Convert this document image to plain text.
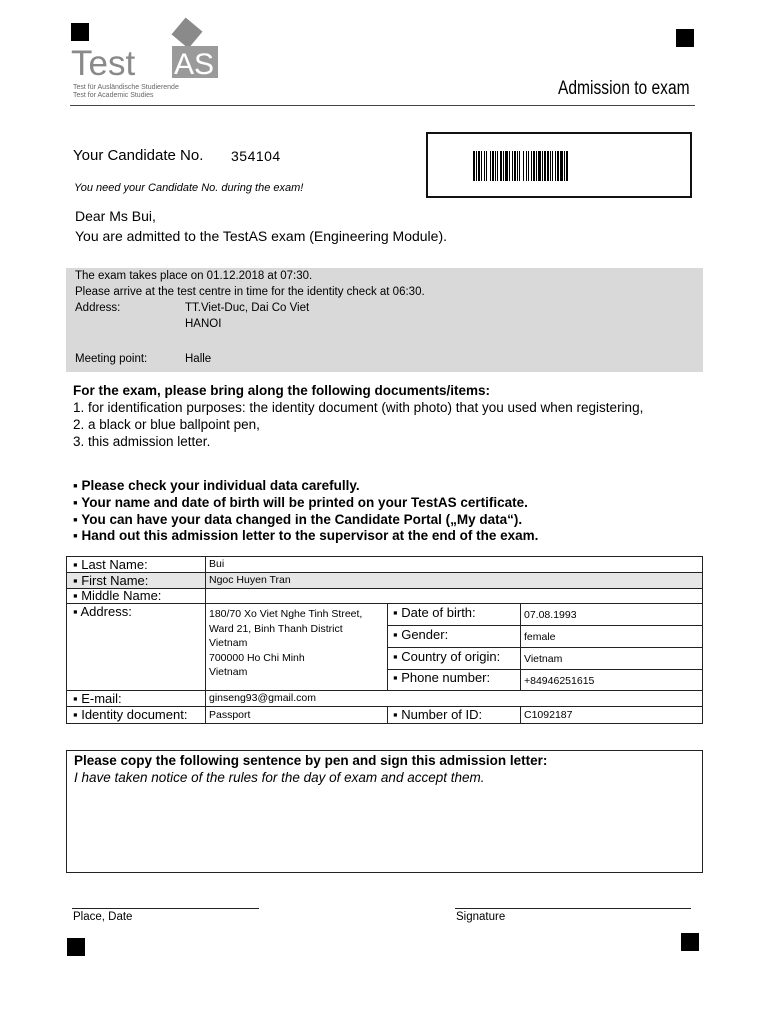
Test AS
Test für Ausländische Studierende
Test for Academic Studies	Admission to exam
Your Candidate No. 354104
You need your Candidate No. during the exam!
Dear Ms Bui,
You are admitted to the TestAS exam (Engineering Module).
The exam takes place on 01.12.2018 at 07:30.
Please arrive at the test centre in time for the identity check at 06:30.
Address:	TT.Viet-Duc, Dai Co Viet
HANOI
Meeting point:	Halle
For the exam, please bring along the following documents/items:
1. for identification purposes: the identity document (with photo) that you used when registering,
2. a black or blue ballpoint pen,
3. this admission letter.
▪ Please check your individual data carefully.
▪ Your name and date of birth will be printed on your TestAS certificate.
▪ You can have your data changed in the Candidate Portal („My data“).
▪ Hand out this admission letter to the supervisor at the end of the exam.
▪ Last Name:	Bui
▪ First Name:	Ngoc Huyen Tran
▪ Middle Name:
▪ Address:	180/70 Xo Viet Nghe Tinh Street,
Ward 21, Binh Thanh District
Vietnam
700000 Ho Chi Minh
Vietnam
▪ Date of birth:	07.08.1993
▪ Gender:	female
▪ Country of origin:	Vietnam
▪ Phone number:	+84946251615
▪ E-mail:	ginseng93@gmail.com
▪ Identity document:	Passport	▪ Number of ID:	C1092187
Please copy the following sentence by pen and sign this admission letter:
I have taken notice of the rules for the day of exam and accept them.
Place, Date	Signature
